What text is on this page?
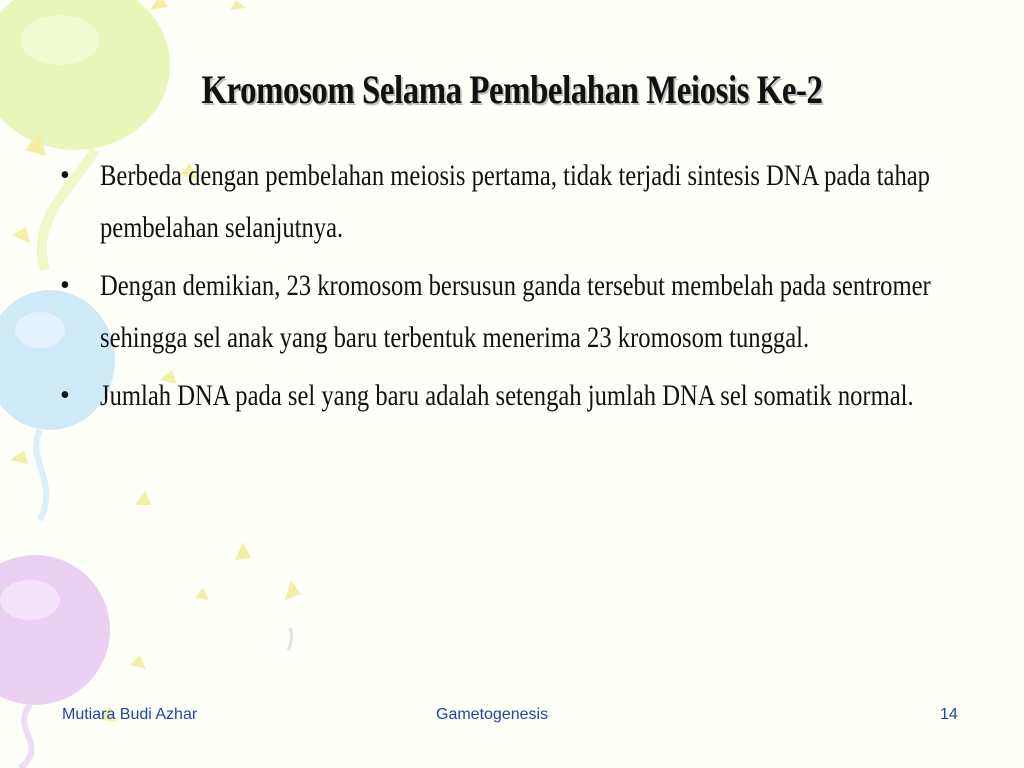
Kromosom Selama Pembelahan Meiosis Ke-2
• Berbeda dengan pembelahan meiosis pertama, tidak terjadi sintesis DNA pada tahap pembelahan selanjutnya.
• Dengan demikian, 23 kromosom bersusun ganda tersebut membelah pada sentromer sehingga sel anak yang baru terbentuk menerima 23 kromosom tunggal.
• Jumlah DNA pada sel yang baru adalah setengah jumlah DNA sel somatik normal.
Mutiara Budi Azhar	Gametogenesis	14
